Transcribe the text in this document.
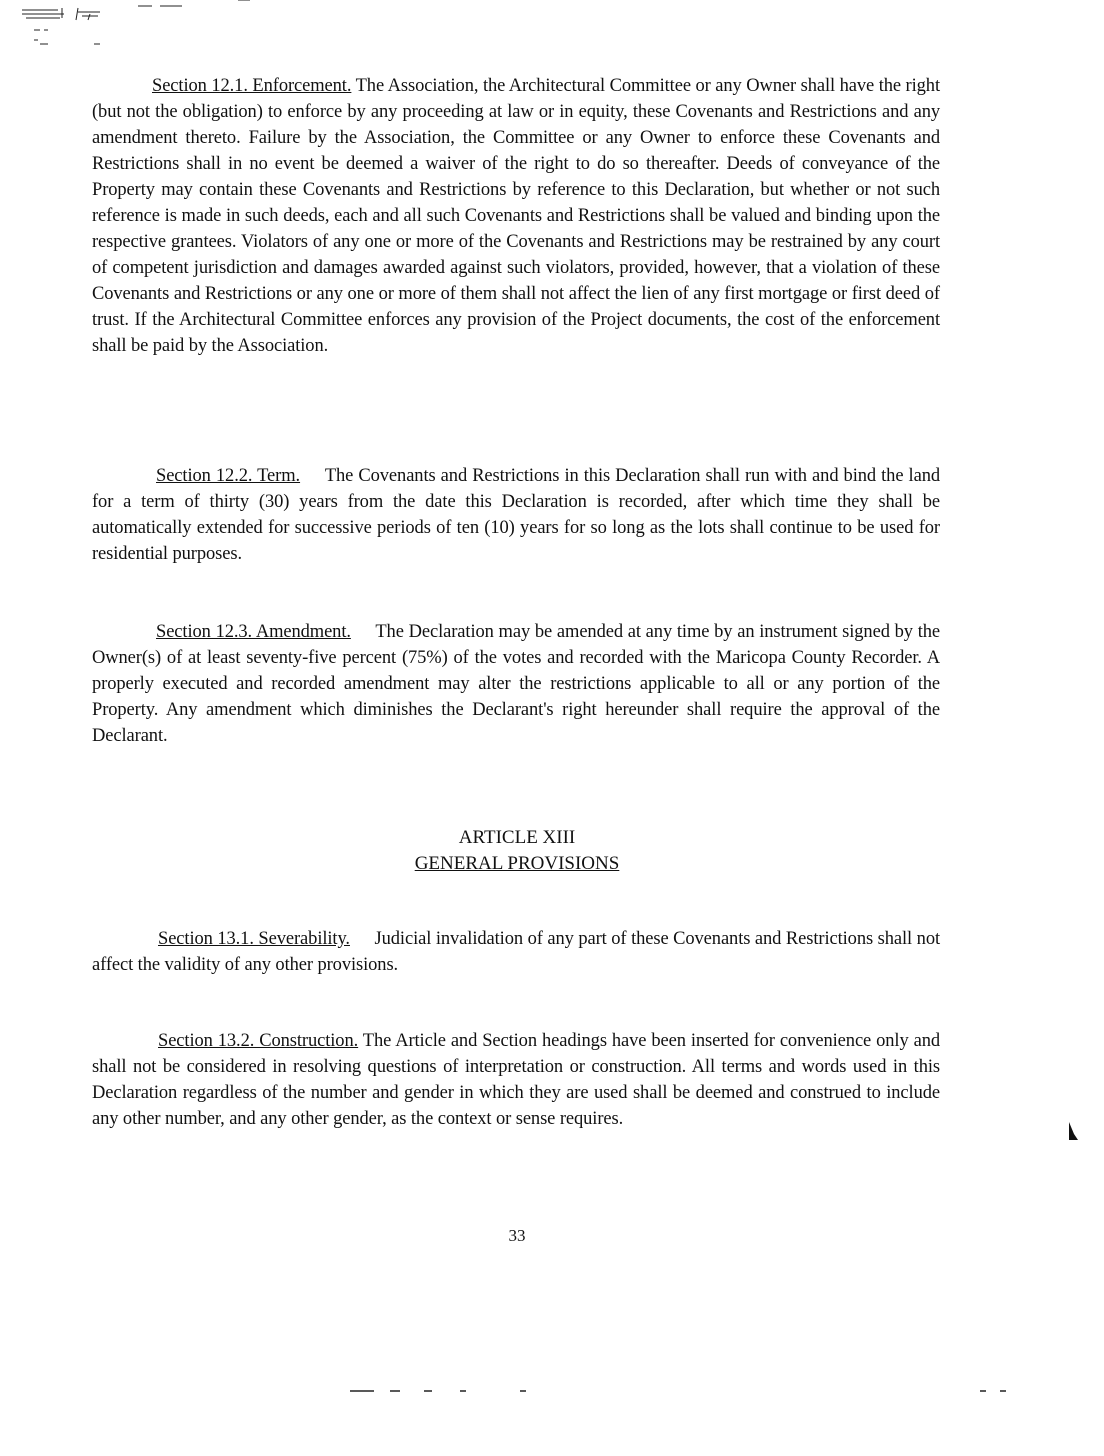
Section 12.1. Enforcement. The Association, the Architectural Committee or any Owner shall have the right (but not the obligation) to enforce by any proceeding at law or in equity, these Covenants and Restrictions and any amendment thereto. Failure by the Association, the Committee or any Owner to enforce these Covenants and Restrictions shall in no event be deemed a waiver of the right to do so thereafter. Deeds of conveyance of the Property may contain these Covenants and Restrictions by reference to this Declaration, but whether or not such reference is made in such deeds, each and all such Covenants and Restrictions shall be valued and binding upon the respective grantees. Violators of any one or more of the Covenants and Restrictions may be restrained by any court of competent jurisdiction and damages awarded against such violators, provided, however, that a violation of these Covenants and Restrictions or any one or more of them shall not affect the lien of any first mortgage or first deed of trust. If the Architectural Committee enforces any provision of the Project documents, the cost of the enforcement shall be paid by the Association.
Section 12.2. Term. The Covenants and Restrictions in this Declaration shall run with and bind the land for a term of thirty (30) years from the date this Declaration is recorded, after which time they shall be automatically extended for successive periods of ten (10) years for so long as the lots shall continue to be used for residential purposes.
Section 12.3. Amendment. The Declaration may be amended at any time by an instrument signed by the Owner(s) of at least seventy-five percent (75%) of the votes and recorded with the Maricopa County Recorder. A properly executed and recorded amendment may alter the restrictions applicable to all or any portion of the Property. Any amendment which diminishes the Declarant's right hereunder shall require the approval of the Declarant.
ARTICLE XIII
GENERAL PROVISIONS
Section 13.1. Severability. Judicial invalidation of any part of these Covenants and Restrictions shall not affect the validity of any other provisions.
Section 13.2. Construction. The Article and Section headings have been inserted for convenience only and shall not be considered in resolving questions of interpretation or construction. All terms and words used in this Declaration regardless of the number and gender in which they are used shall be deemed and construed to include any other number, and any other gender, as the context or sense requires.
33
